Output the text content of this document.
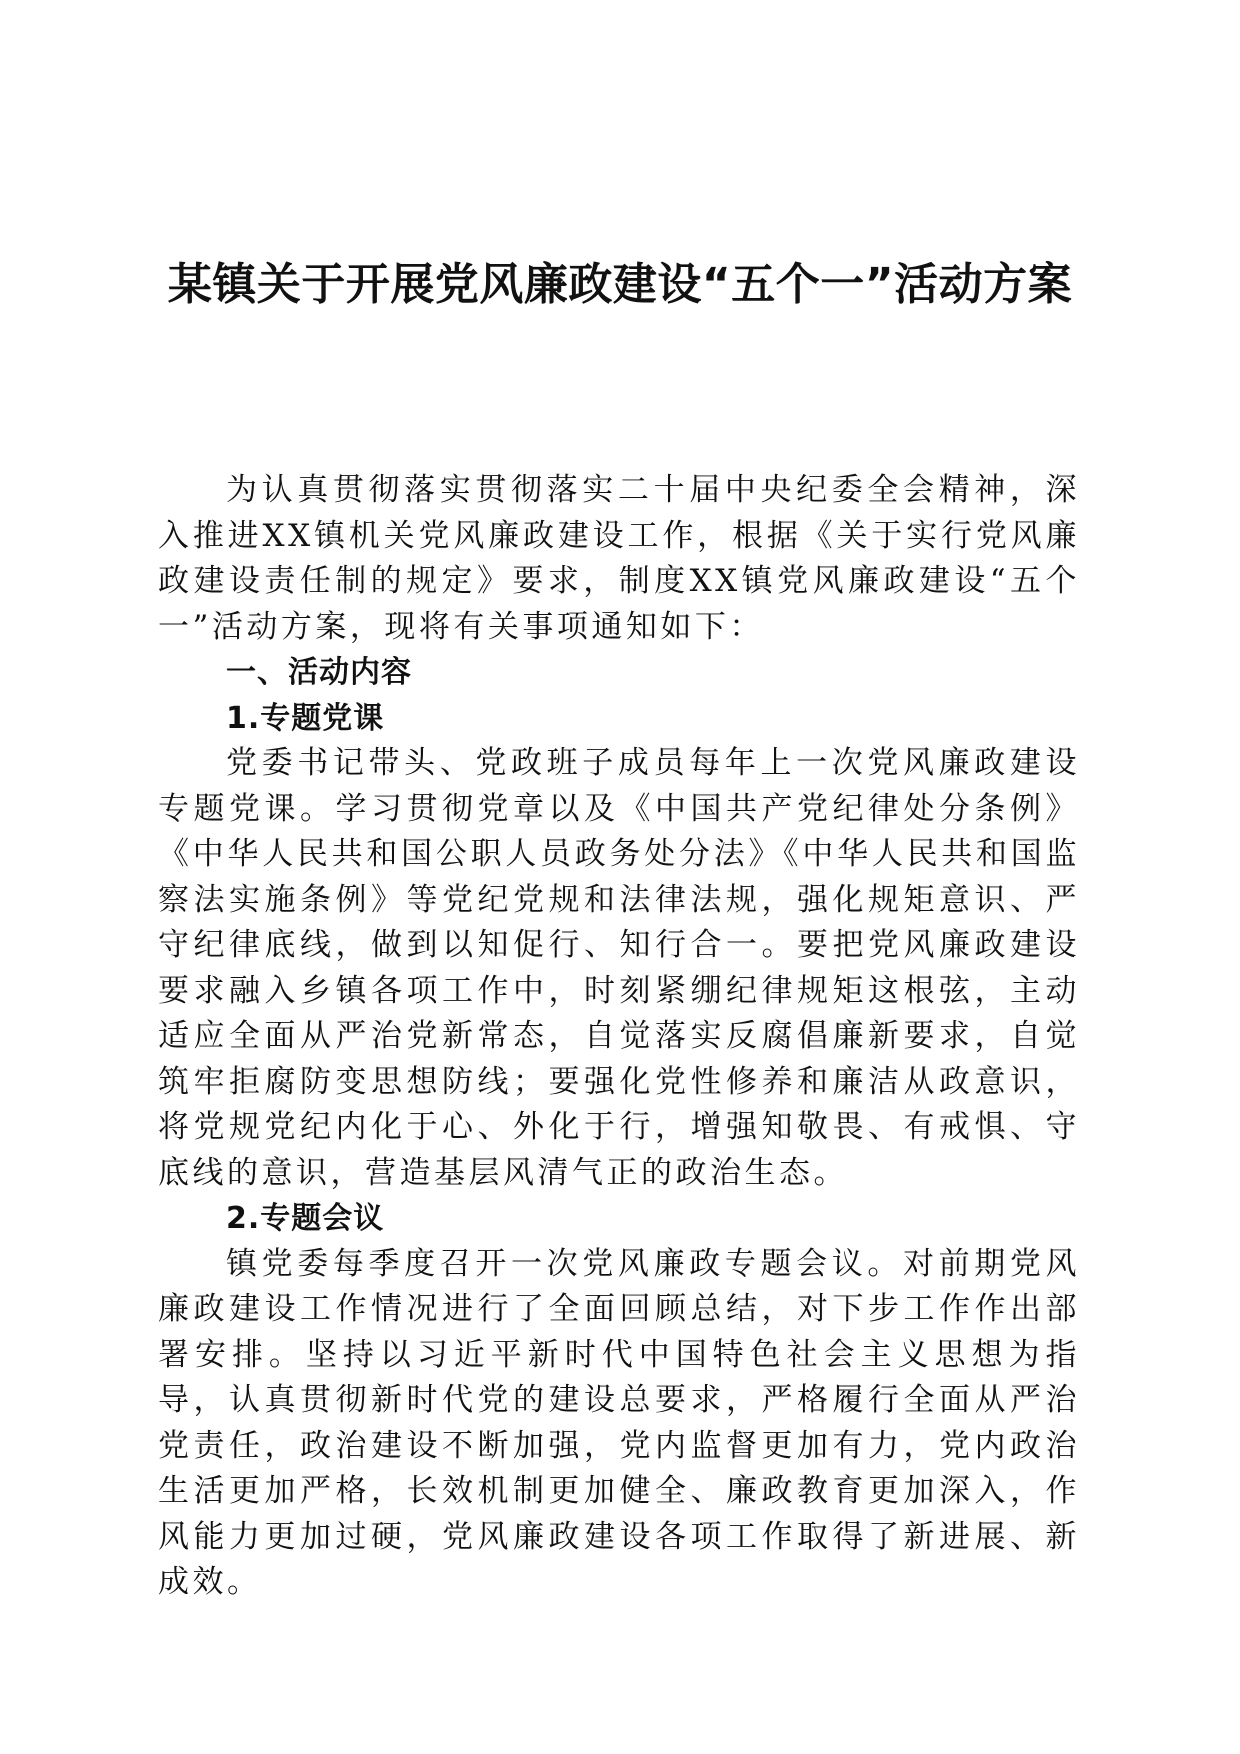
某镇关于开展党风廉政建设“五个一”活动方案

为认真贯彻落实贯彻落实二十届中央纪委全会精神，深入推进XX镇机关党风廉政建设工作，根据《关于实行党风廉政建设责任制的规定》要求，制度XX镇党风廉政建设“五个一”活动方案，现将有关事项通知如下：

一、活动内容

1.专题党课

党委书记带头、党政班子成员每年上一次党风廉政建设专题党课。学习贯彻党章以及《中国共产党纪律处分条例》《中华人民共和国公职人员政务处分法》《中华人民共和国监察法实施条例》等党纪党规和法律法规，强化规矩意识、严守纪律底线，做到以知促行、知行合一。要把党风廉政建设要求融入乡镇各项工作中，时刻紧绷纪律规矩这根弦，主动适应全面从严治党新常态，自觉落实反腐倡廉新要求，自觉筑牢拒腐防变思想防线；要强化党性修养和廉洁从政意识，将党规党纪内化于心、外化于行，增强知敬畏、有戒惧、守底线的意识，营造基层风清气正的政治生态。

2.专题会议

镇党委每季度召开一次党风廉政专题会议。对前期党风廉政建设工作情况进行了全面回顾总结，对下步工作作出部署安排。坚持以习近平新时代中国特色社会主义思想为指导，认真贯彻新时代党的建设总要求，严格履行全面从严治党责任，政治建设不断加强，党内监督更加有力，党内政治生活更加严格，长效机制更加健全、廉政教育更加深入，作风能力更加过硬，党风廉政建设各项工作取得了新进展、新成效。
